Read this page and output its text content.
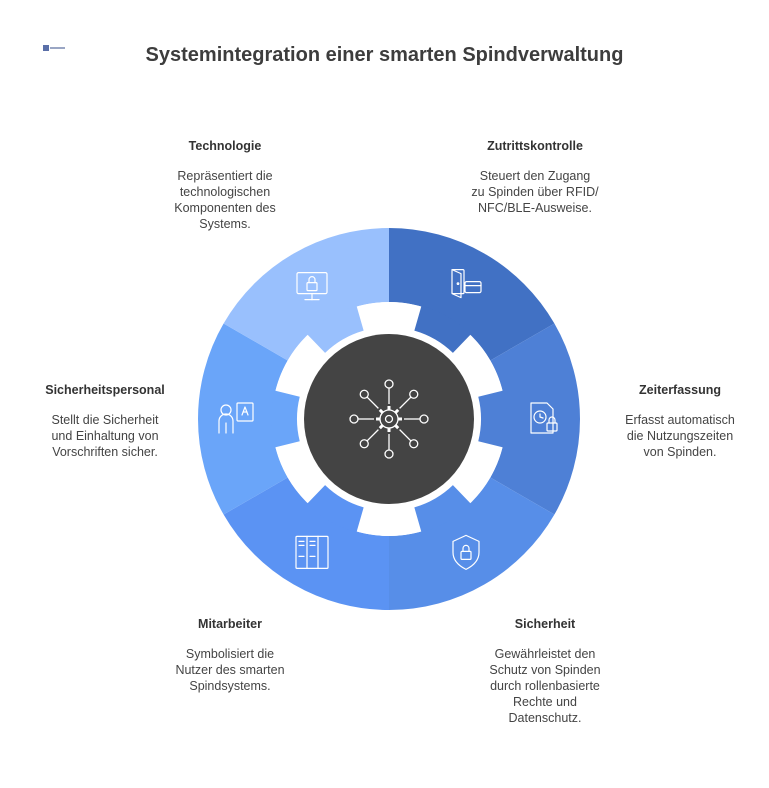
Systemintegration einer smarten Spindverwaltung
Zutrittskontrolle
Steuert den Zugang
zu Spinden über RFID/
NFC/BLE-Ausweise.
Zeiterfassung
Erfasst automatisch
die Nutzungszeiten
von Spinden.
Sicherheit
Gewährleistet den
Schutz von Spinden
durch rollenbasierte
Rechte und
Datenschutz.
Mitarbeiter
Symbolisiert die
Nutzer des smarten
Spindsystems.
Sicherheitspersonal
Stellt die Sicherheit
und Einhaltung von
Vorschriften sicher.
Technologie
Repräsentiert die
technologischen
Komponenten des
Systems.
